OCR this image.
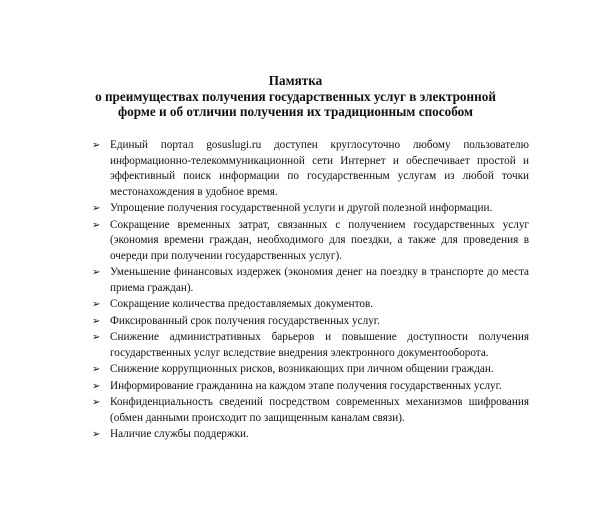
Памятка
о преимуществах получения государственных услуг в электронной
форме и об отличии получения их традиционным способом
➢ Единый портал gosuslugi.ru доступен круглосуточно любому пользователю информационно-телекоммуникационной сети Интернет и обеспечивает простой и эффективный поиск информации по государственным услугам из любой точки местонахождения в удобное время.
➢ Упрощение получения государственной услуги и другой полезной информации.
➢ Сокращение временных затрат, связанных с получением государственных услуг (экономия времени граждан, необходимого для поездки, а также для проведения в очереди при получении государственных услуг).
➢ Уменьшение финансовых издержек (экономия денег на поездку в транспорте до места приема граждан).
➢ Сокращение количества предоставляемых документов.
➢ Фиксированный срок получения государственных услуг.
➢ Снижение административных барьеров и повышение доступности получения государственных услуг вследствие внедрения электронного документооборота.
➢ Снижение коррупционных рисков, возникающих при личном общении граждан.
➢ Информирование гражданина на каждом этапе получения государственных услуг.
➢ Конфиденциальность сведений посредством современных механизмов шифрования (обмен данными происходит по защищенным каналам связи).
➢ Наличие службы поддержки.
